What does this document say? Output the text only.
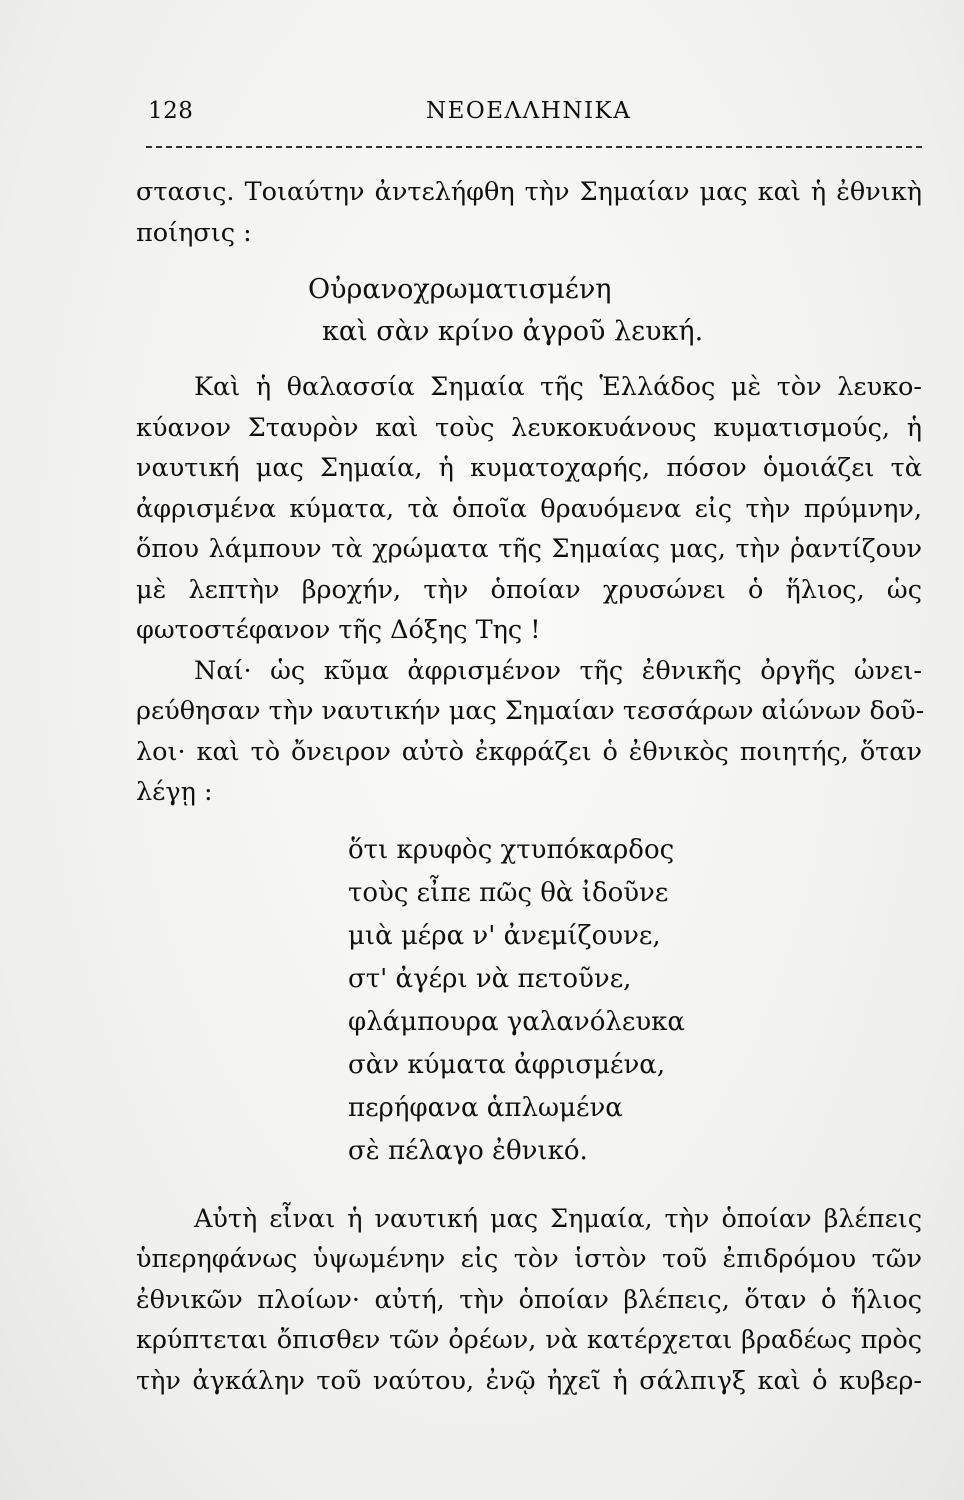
128	ΝΕΟΕΛΛΗΝΙΚΑ
στασις. Τοιαύτην ἀντελήφθη τὴν Σημαίαν μας καὶ ἡ ἐθνικὴ
ποίησις :
Οὐρανοχρωματισμένη
καὶ σὰν κρίνο ἀγροῦ λευκή.
Καὶ ἡ θαλασσία Σημαία τῆς Ἑλλάδος μὲ τὸν λευκο-
κύανον Σταυρὸν καὶ τοὺς λευκοκυάνους κυματισμούς, ἡ
ναυτική μας Σημαία, ἡ κυματοχαρής, πόσον ὁμοιάζει τὰ
ἀφρισμένα κύματα, τὰ ὁποῖα θραυόμενα εἰς τὴν πρύμνην,
ὅπου λάμπουν τὰ χρώματα τῆς Σημαίας μας, τὴν ῥαντίζουν
μὲ λεπτὴν βροχήν, τὴν ὁποίαν χρυσώνει ὁ ἥλιος, ὡς
φωτοστέφανον τῆς Δόξης Της !
Ναί· ὡς κῦμα ἀφρισμένον τῆς ἐθνικῆς ὀργῆς ὠνει-
ρεύθησαν τὴν ναυτικήν μας Σημαίαν τεσσάρων αἰώνων δοῦ-
λοι· καὶ τὸ ὄνειρον αὐτὸ ἐκφράζει ὁ ἐθνικὸς ποιητής, ὅταν
λέγῃ :
ὅτι κρυφὸς χτυπόκαρδος
τοὺς εἶπε πῶς θὰ ἰδοῦνε
μιὰ μέρα ν' ἀνεμίζουνε,
στ' ἀγέρι νὰ πετοῦνε,
φλάμπουρα γαλανόλευκα
σὰν κύματα ἀφρισμένα,
περήφανα ἁπλωμένα
σὲ πέλαγο ἐθνικό.
Αὐτὴ εἶναι ἡ ναυτική μας Σημαία, τὴν ὁποίαν βλέπεις
ὑπερηφάνως ὑψωμένην εἰς τὸν ἱστὸν τοῦ ἐπιδρόμου τῶν
ἐθνικῶν πλοίων· αὐτή, τὴν ὁποίαν βλέπεις, ὅταν ὁ ἥλιος
κρύπτεται ὄπισθεν τῶν ὀρέων, νὰ κατέρχεται βραδέως πρὸς
τὴν ἀγκάλην τοῦ ναύτου, ἐνῷ ἠχεῖ ἡ σάλπιγξ καὶ ὁ κυβερ-
